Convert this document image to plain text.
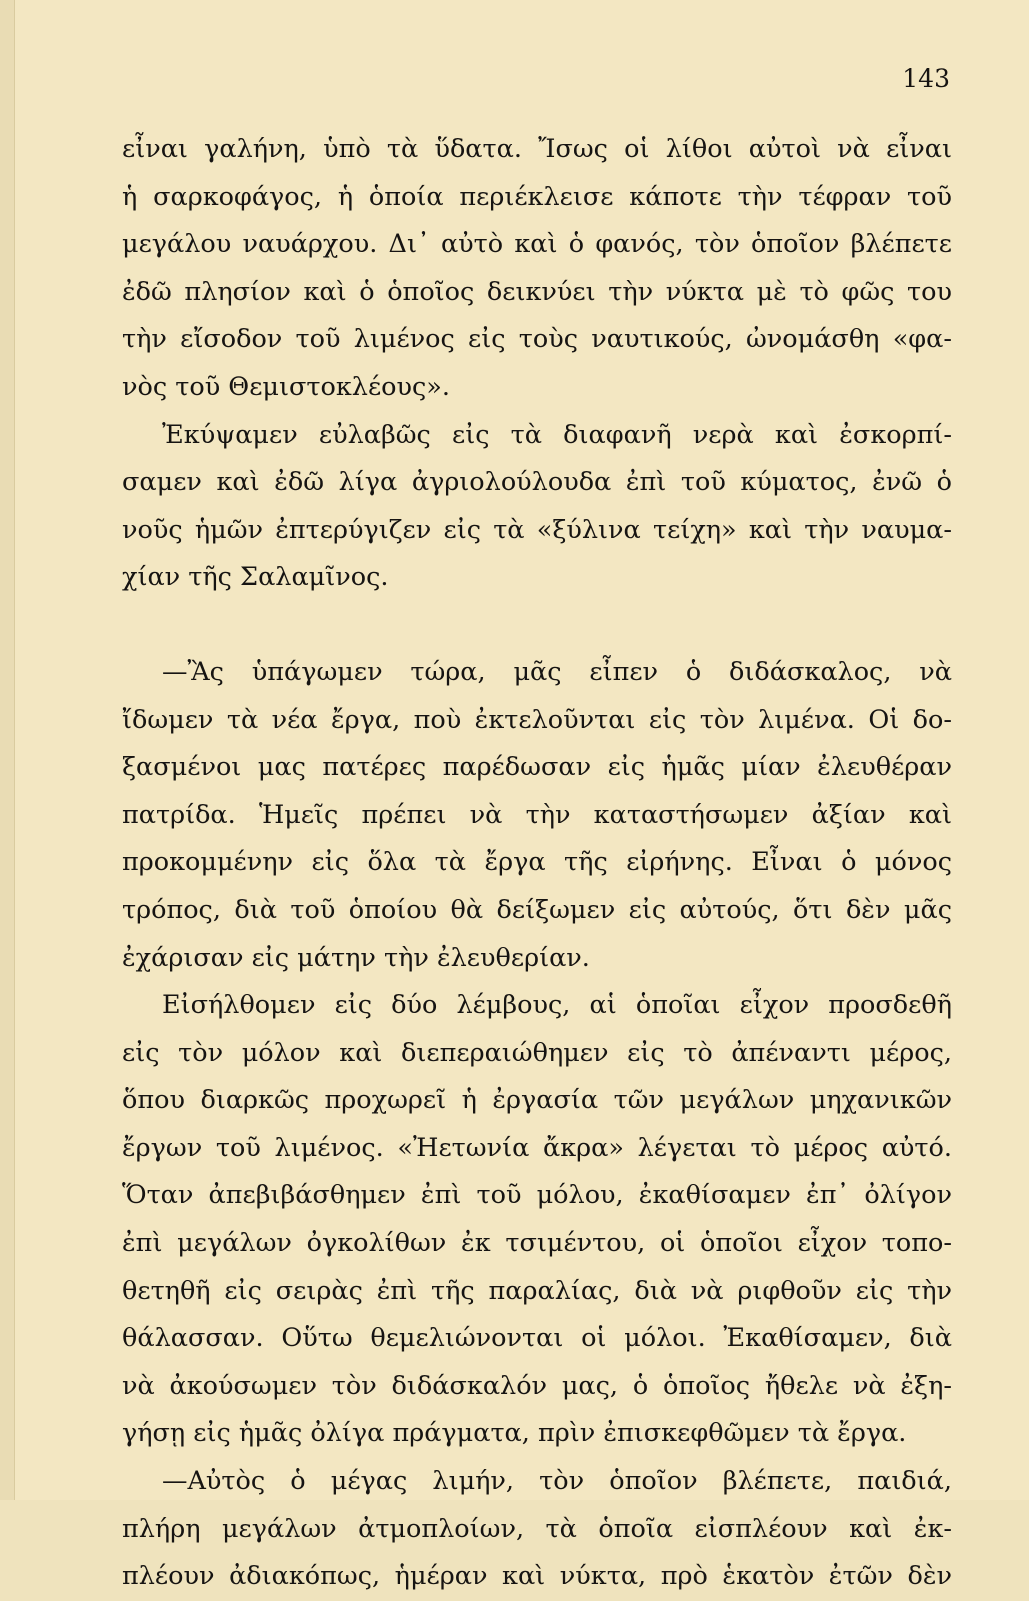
143
εἶναι γαλήνη, ὑπὸ τὰ ὕδατα. Ἴσως οἱ λίθοι αὐτοὶ νὰ εἶναι
ἡ σαρκοφάγος, ἡ ὁποία περιέκλεισε κάποτε τὴν τέφραν τοῦ
μεγάλου ναυάρχου. Δι᾽ αὐτὸ καὶ ὁ φανός, τὸν ὁποῖον βλέπετε
ἐδῶ πλησίον καὶ ὁ ὁποῖος δεικνύει τὴν νύκτα μὲ τὸ φῶς του
τὴν εἴσοδον τοῦ λιμένος εἰς τοὺς ναυτικούς, ὠνομάσθη «φα-
νὸς τοῦ Θεμιστοκλέους».
Ἐκύψαμεν εὐλαβῶς εἰς τὰ διαφανῆ νερὰ καὶ ἐσκορπί-
σαμεν καὶ ἐδῶ λίγα ἀγριολούλουδα ἐπὶ τοῦ κύματος, ἐνῶ ὁ
νοῦς ἡμῶν ἐπτερύγιζεν εἰς τὰ «ξύλινα τείχη» καὶ τὴν ναυμα-
χίαν τῆς Σαλαμῖνος.
—Ἂς ὑπάγωμεν τώρα, μᾶς εἶπεν ὁ διδάσκαλος, νὰ
ἴδωμεν τὰ νέα ἔργα, ποὺ ἐκτελοῦνται εἰς τὸν λιμένα. Οἱ δο-
ξασμένοι μας πατέρες παρέδωσαν εἰς ἡμᾶς μίαν ἐλευθέραν
πατρίδα. Ἡμεῖς πρέπει νὰ τὴν καταστήσωμεν ἀξίαν καὶ
προκομμένην εἰς ὅλα τὰ ἔργα τῆς εἰρήνης. Εἶναι ὁ μόνος
τρόπος, διὰ τοῦ ὁποίου θὰ δείξωμεν εἰς αὐτούς, ὅτι δὲν μᾶς
ἐχάρισαν εἰς μάτην τὴν ἐλευθερίαν.
Εἰσήλθομεν εἰς δύο λέμβους, αἱ ὁποῖαι εἶχον προσδεθῆ
εἰς τὸν μόλον καὶ διεπεραιώθημεν εἰς τὸ ἀπέναντι μέρος,
ὅπου διαρκῶς προχωρεῖ ἡ ἐργασία τῶν μεγάλων μηχανικῶν
ἔργων τοῦ λιμένος. «Ἠετωνία ἄκρα» λέγεται τὸ μέρος αὐτό.
Ὅταν ἀπεβιβάσθημεν ἐπὶ τοῦ μόλου, ἐκαθίσαμεν ἐπ᾽ ὀλίγον
ἐπὶ μεγάλων ὀγκολίθων ἐκ τσιμέντου, οἱ ὁποῖοι εἶχον τοπο-
θετηθῆ εἰς σειρὰς ἐπὶ τῆς παραλίας, διὰ νὰ ριφθοῦν εἰς τὴν
θάλασσαν. Οὕτω θεμελιώνονται οἱ μόλοι. Ἐκαθίσαμεν, διὰ
νὰ ἀκούσωμεν τὸν διδάσκαλόν μας, ὁ ὁποῖος ἤθελε νὰ ἐξη-
γήσῃ εἰς ἡμᾶς ὀλίγα πράγματα, πρὶν ἐπισκεφθῶμεν τὰ ἔργα.
—Αὐτὸς ὁ μέγας λιμήν, τὸν ὁποῖον βλέπετε, παιδιά,
πλήρη μεγάλων ἀτμοπλοίων, τὰ ὁποῖα εἰσπλέουν καὶ ἐκ-
πλέουν ἀδιακόπως, ἡμέραν καὶ νύκτα, πρὸ ἑκατὸν ἐτῶν δὲν
